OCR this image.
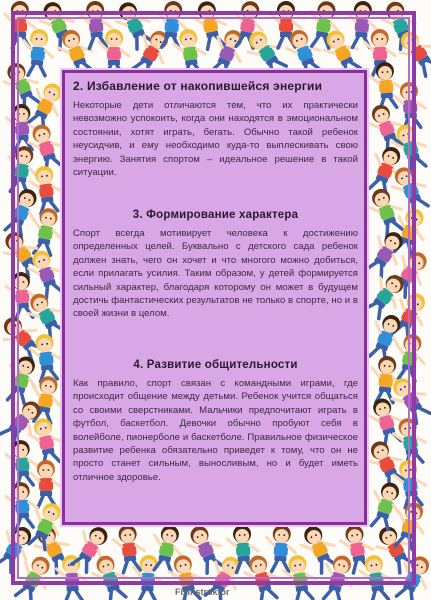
2. Избавление от накопившейся энергии

Некоторые дети отличаются тем, что их практически невозможно успокоить, когда они находятся в эмоциональном состоянии, хотят играть, бегать. Обычно такой ребенок неусидчив, и ему необходимо куда-то выплескивать свою энергию. Занятия спортом – идеальное решение в такой ситуации.

3. Формирование характера

Спорт всегда мотивирует человека к достижению определенных целей. Буквально с детского сада ребенок должен знать, чего он хочет и что многого можно добиться, если прилагать усилия. Таким образом, у детей формируется сильный характер, благодаря которому он может в будущем достичь фантастических результатов не только в спорте, но и в своей жизни в целом.

4. Развитие общительности

Как правило, спорт связан с командными играми, где происходит общение между детьми. Ребенок учится общаться со своими сверстниками. Мальчики предпочитают играть в футбол, баскетбол. Девочки обычно пробуют себя в волейболе, пионерболе и баскетболе. Правильное физическое развитие ребенка обязательно приведет к тому, что он не просто станет сильным, выносливым, но и будет иметь отличное здоровье.

Fizinstruktor
